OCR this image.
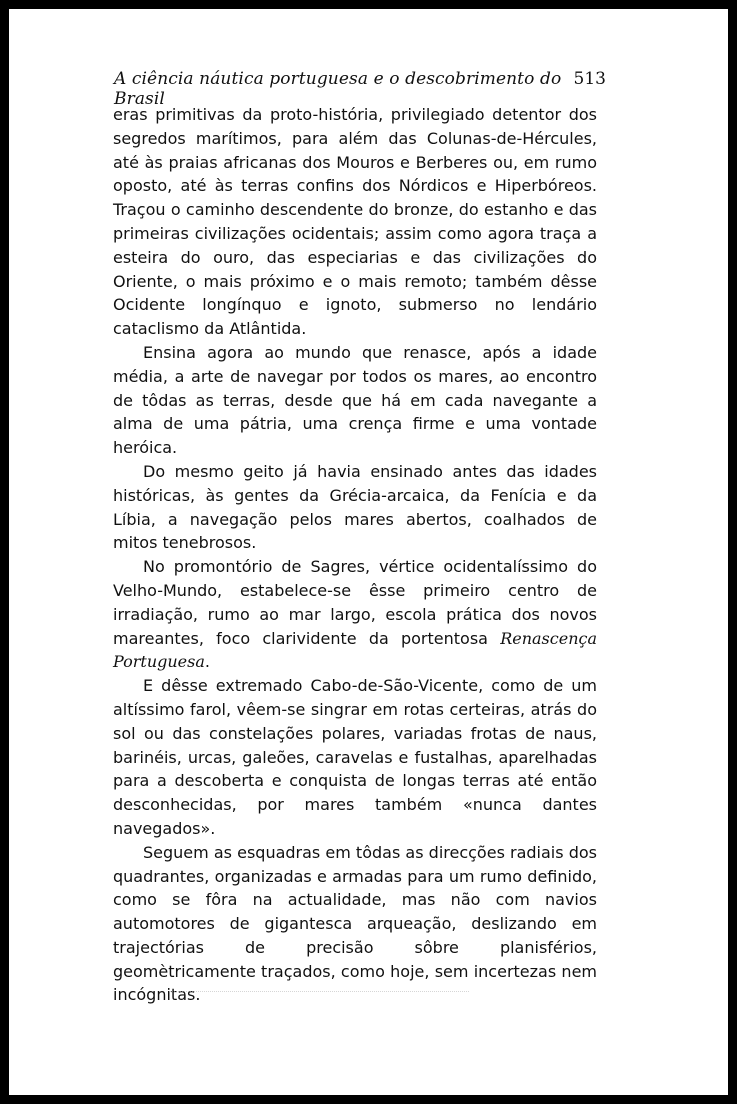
A ciência náutica portuguesa e o descobrimento do Brasil
513

eras primitivas da proto-história, privilegiado detentor dos segredos marítimos, para além das Colunas-de-Hércules, até às praias africanas dos Mouros e Berberes ou, em rumo oposto, até às terras confins dos Nórdicos e Hiperbóreos. Traçou o caminho descendente do bronze, do estanho e das primeiras civilizações ocidentais; assim como agora traça a esteira do ouro, das especiarias e das civilizações do Oriente, o mais próximo e o mais remoto; também dêsse Ocidente longínquo e ignoto, submerso no lendário cataclismo da Atlântida.

Ensina agora ao mundo que renasce, após a idade média, a arte de navegar por todos os mares, ao encontro de tôdas as terras, desde que há em cada navegante a alma de uma pátria, uma crença firme e uma vontade heróica.

Do mesmo geito já havia ensinado antes das idades históricas, às gentes da Grécia-arcaica, da Fenícia e da Líbia, a navegação pelos mares abertos, coalhados de mitos tenebrosos.

No promontório de Sagres, vértice ocidentalíssimo do Velho-Mundo, estabelece-se êsse primeiro centro de irradiação, rumo ao mar largo, escola prática dos novos mareantes, foco clarividente da portentosa Renascença Portuguesa.

E dêsse extremado Cabo-de-São-Vicente, como de um altíssimo farol, vêem-se singrar em rotas certeiras, atrás do sol ou das constelações polares, variadas frotas de naus, barinéis, urcas, galeões, caravelas e fustalhas, aparelhadas para a descoberta e conquista de longas terras até então desconhecidas, por mares também «nunca dantes navegados».

Seguem as esquadras em tôdas as direcções radiais dos quadrantes, organizadas e armadas para um rumo definido, como se fôra na actualidade, mas não com navios automotores de gigantesca arqueação, deslizando em trajectórias de precisão sôbre planisférios, geomètricamente traçados, como hoje, sem incertezas nem incógnitas.
